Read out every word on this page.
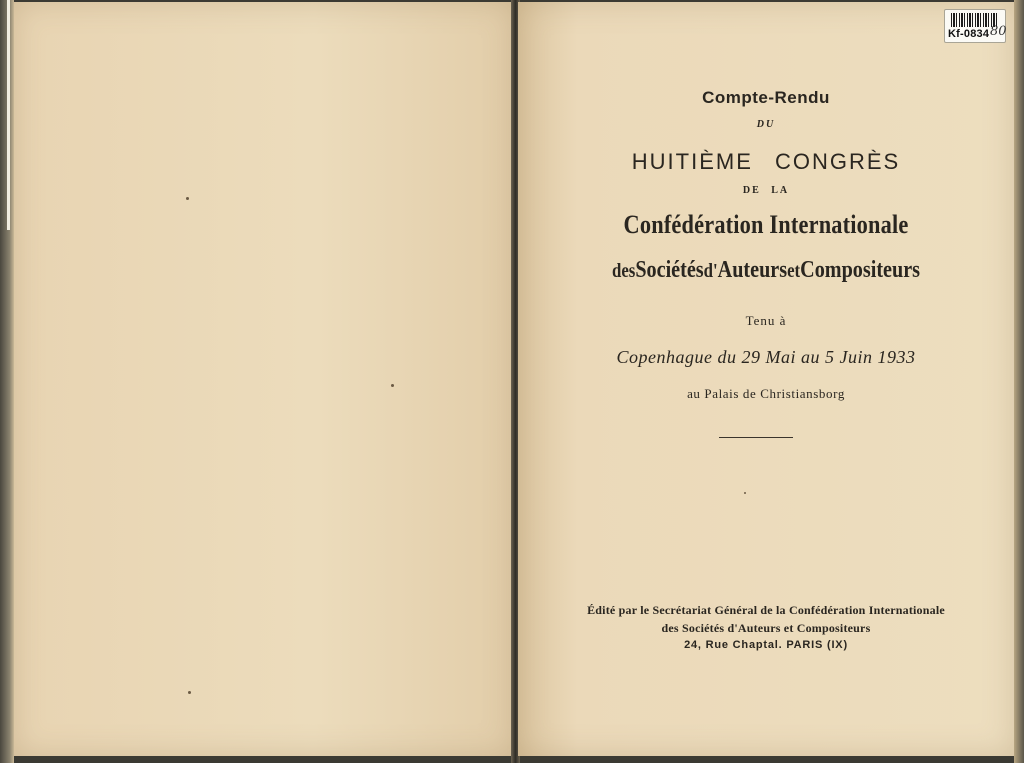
Kf-0834 80
Compte-Rendu
DU
HUITIÈME CONGRÈS
DE LA
Confédération Internationale
desSociétésd'AuteursetCompositeurs
Tenu à
Copenhague du 29 Mai au 5 Juin 1933
au Palais de Christiansborg
Édité par le Secrétariat Général de la Confédération Internationale
des Sociétés d'Auteurs et Compositeurs
24, Rue Chaptal. PARIS (IX)
